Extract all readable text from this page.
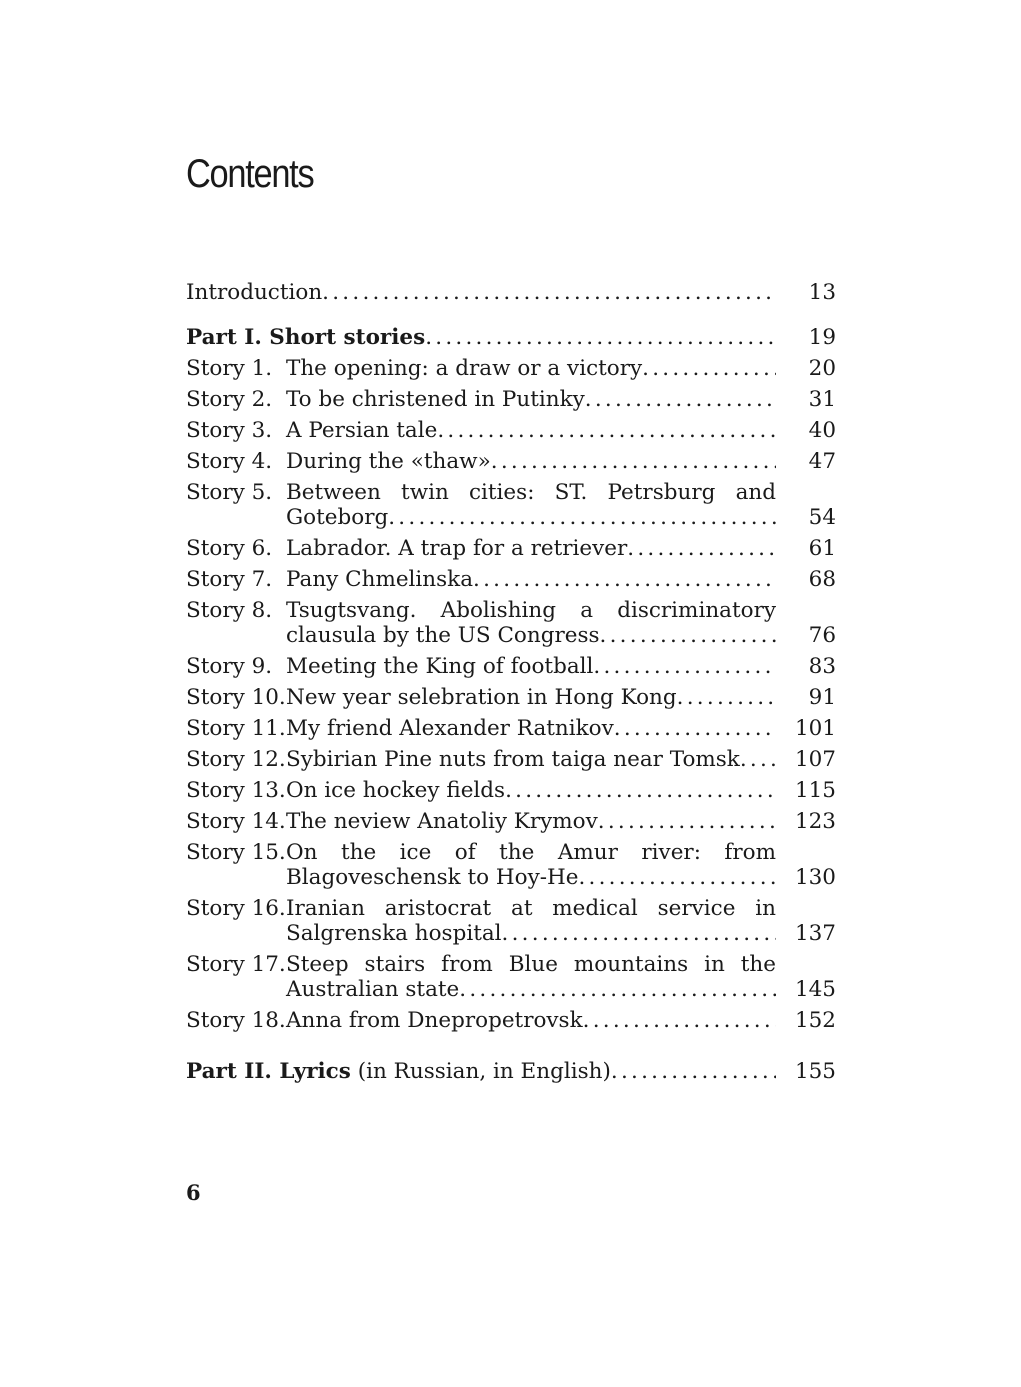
Contents
Introduction . . .	13
Part I. Short stories . . .	19
Story 1. The opening: a draw or a victory . . .	20
Story 2. To be christened in Putinky . . .	31
Story 3. A Persian tale . . .	40
Story 4. During the «thaw» . . .	47
Story 5. Between twin cities: ST. Petrsburg and
Goteborg . . .	54
Story 6. Labrador. A trap for a retriever . . .	61
Story 7. Pany Chmelinska . . .	68
Story 8. Tsugtsvang. Abolishing a discriminatory
clausula by the US Congress . . .	76
Story 9. Meeting the King of football . . .	83
Story 10. New year selebration in Hong Kong . . .	91
Story 11. My friend Alexander Ratnikov . . .	101
Story 12. Sybirian Pine nuts from taiga near Tomsk . . .	107
Story 13. On ice hockey fields . . .	115
Story 14. The neview Anatoliy Krymov . . .	123
Story 15. On the ice of the Amur river: from
Blagoveschensk to Hoy-He . . .	130
Story 16. Iranian aristocrat at medical service in
Salgrenska hospital . . .	137
Story 17. Steep stairs from Blue mountains in the
Australian state . . .	145
Story 18. Anna from Dnepropetrovsk . . .	152
Part II. Lyrics (in Russian, in English) . . .	155
6
